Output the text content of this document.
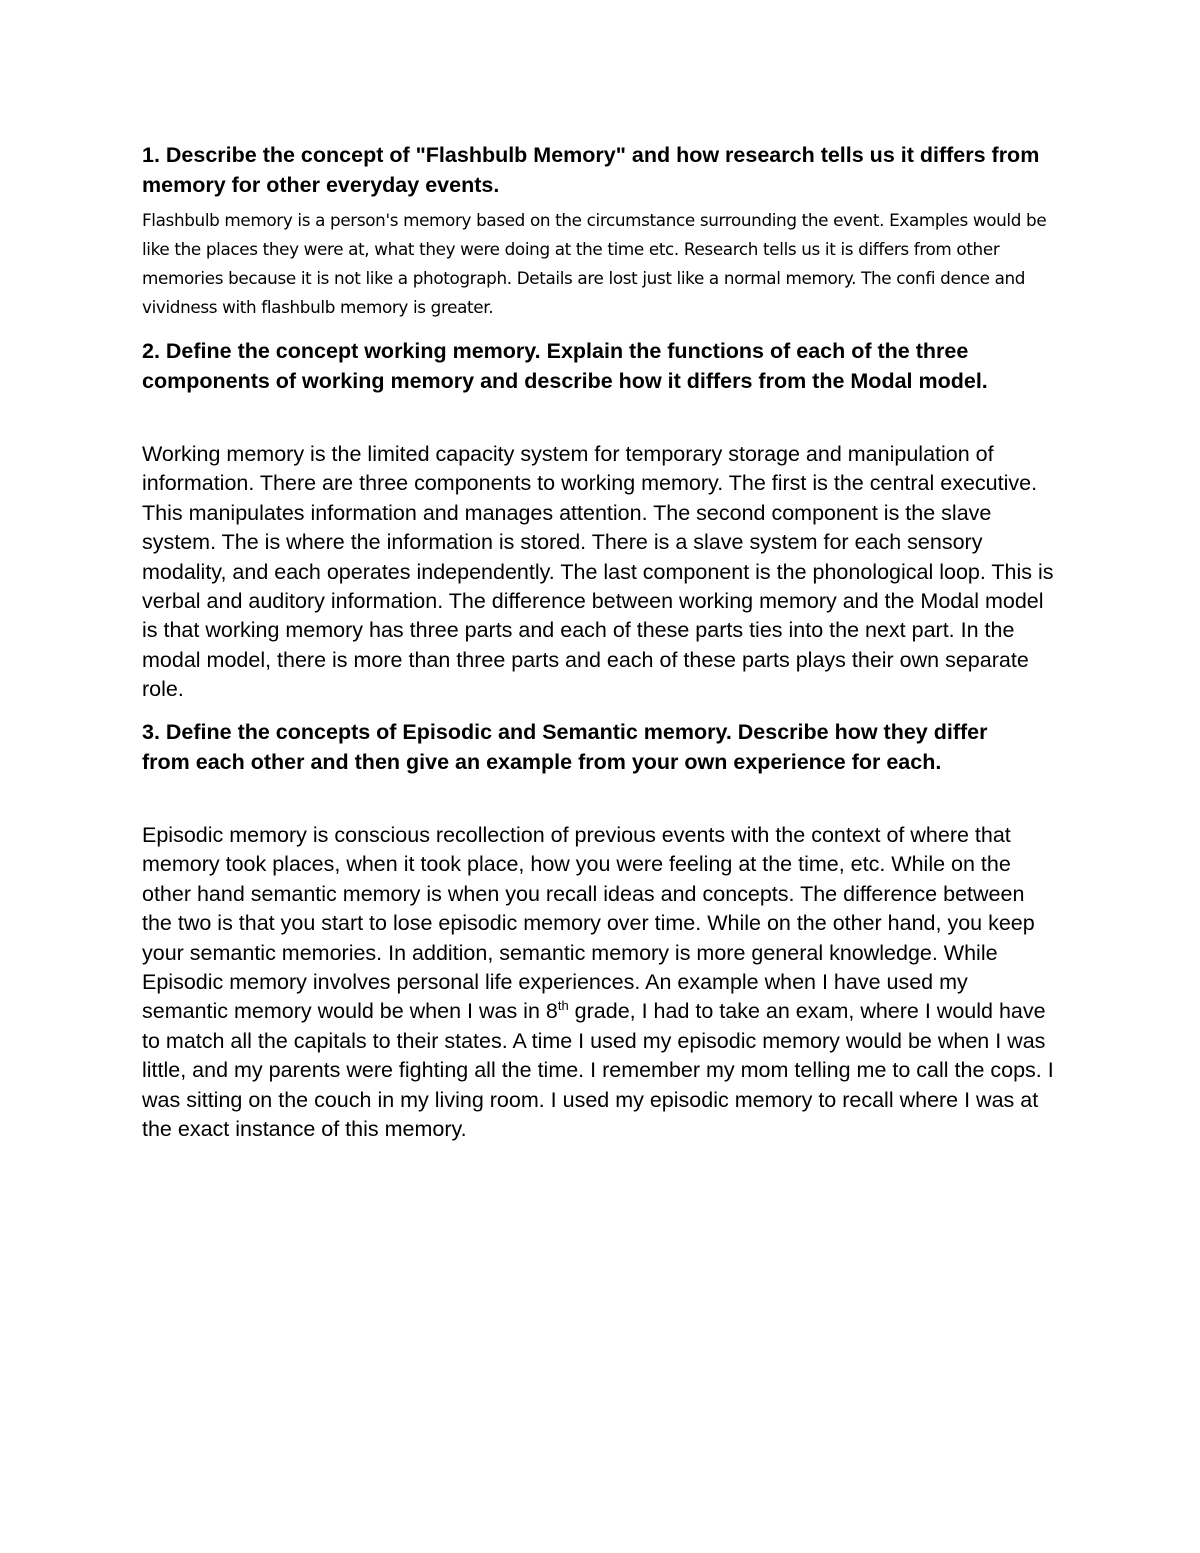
1. Describe the concept of "Flashbulb Memory" and how research tells us it differs from memory for other everyday events.

Flashbulb memory is a person's memory based on the circumstance surrounding the event. Examples would be like the places they were at, what they were doing at the time etc. Research tells us it is differs from other memories because it is not like a photograph. Details are lost just like a normal memory. The confi dence and vividness with flashbulb memory is greater.

2. Define the concept working memory. Explain the functions of each of the three components of working memory and describe how it differs from the Modal model.

Working memory is the limited capacity system for temporary storage and manipulation of information. There are three components to working memory. The first is the central executive. This manipulates information and manages attention. The second component is the slave system. The is where the information is stored. There is a slave system for each sensory modality, and each operates independently. The last component is the phonological loop. This is verbal and auditory information. The difference between working memory and the Modal model is that working memory has three parts and each of these parts ties into the next part. In the modal model, there is more than three parts and each of these parts plays their own separate role.

3. Define the concepts of Episodic and Semantic memory. Describe how they differ from each other and then give an example from your own experience for each.

Episodic memory is conscious recollection of previous events with the context of where that memory took places, when it took place, how you were feeling at the time, etc. While on the other hand semantic memory is when you recall ideas and concepts. The difference between the two is that you start to lose episodic memory over time. While on the other hand, you keep your semantic memories. In addition, semantic memory is more general knowledge. While Episodic memory involves personal life experiences. An example when I have used my semantic memory would be when I was in 8th grade, I had to take an exam, where I would have to match all the capitals to their states. A time I used my episodic memory would be when I was little, and my parents were fighting all the time. I remember my mom telling me to call the cops. I was sitting on the couch in my living room. I used my episodic memory to recall where I was at the exact instance of this memory.
